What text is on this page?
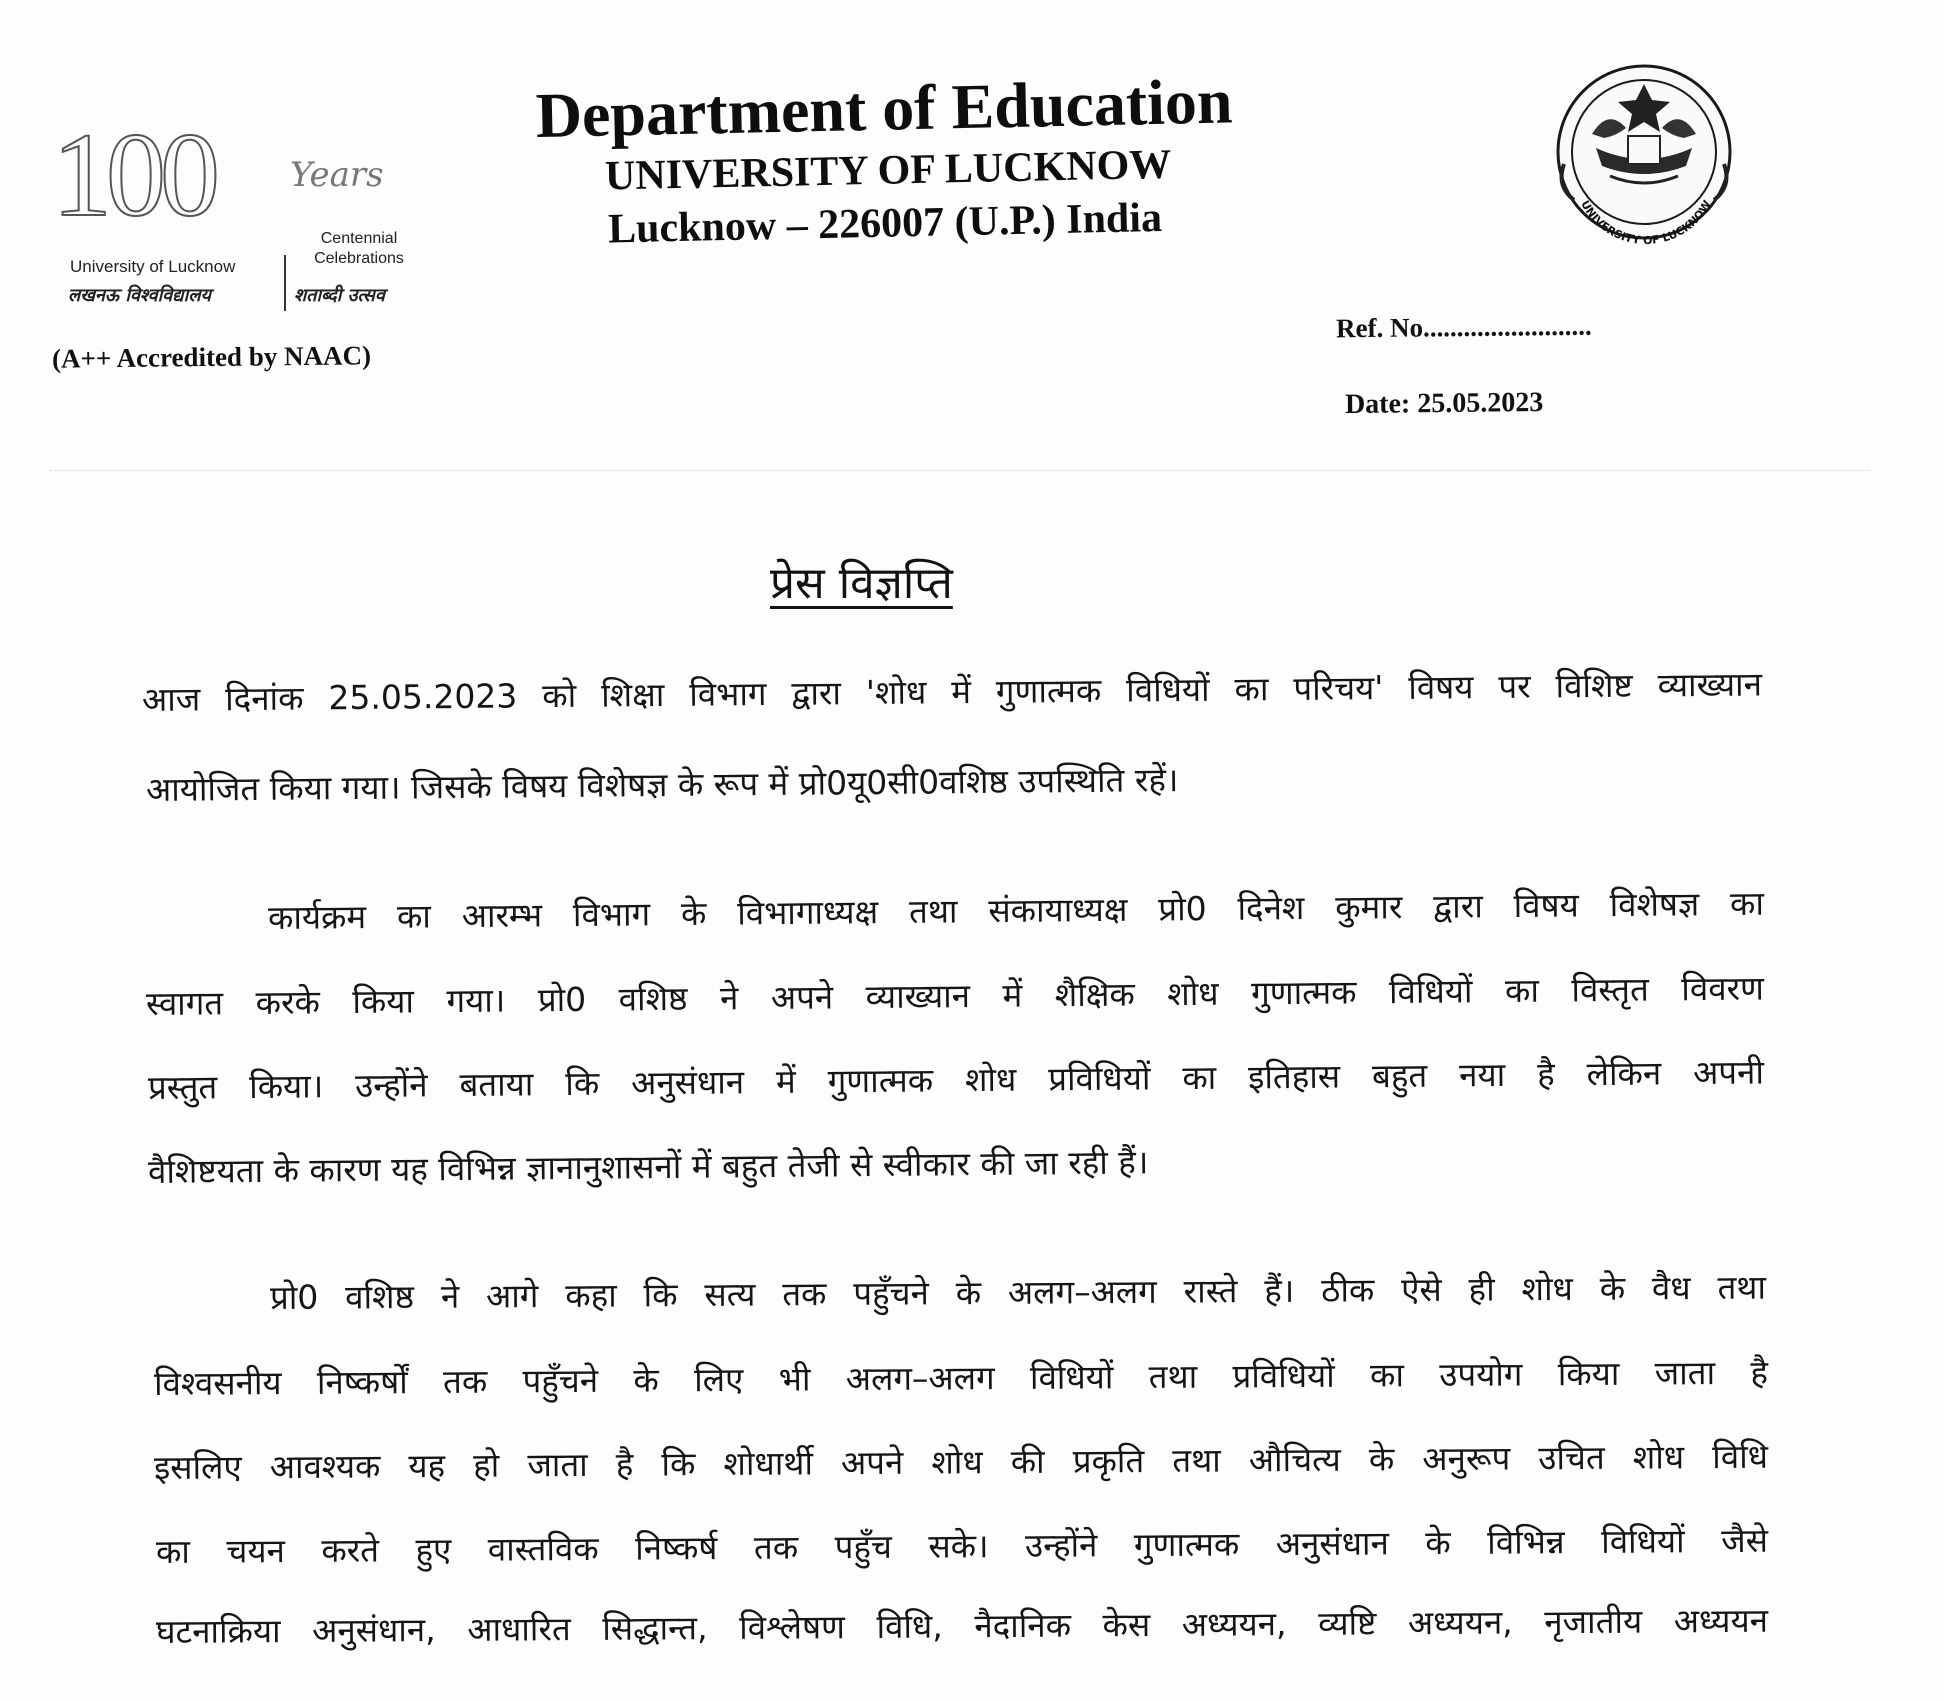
100 Years
Centennial Celebrations
University of Lucknow
लखनऊ विश्वविद्यालय	शताब्दी उत्सव
(A++ Accredited by NAAC)
Department of Education
UNIVERSITY OF LUCKNOW
Lucknow – 226007 (U.P.) India	UNIVERSITY OF LUCKNOW
Ref. No.........................
Date: 25.05.2023
प्रेस विज्ञप्ति
आज दिनांक 25.05.2023 को शिक्षा विभाग द्वारा 'शोध में गुणात्मक विधियों का परिचय' विषय पर विशिष्ट व्याख्यान
आयोजित किया गया। जिसके विषय विशेषज्ञ के रूप में प्रो0यू0सी0वशिष्ठ उपस्थिति रहें।
कार्यक्रम का आरम्भ विभाग के विभागाध्यक्ष तथा संकायाध्यक्ष प्रो0 दिनेश कुमार द्वारा विषय विशेषज्ञ का
स्वागत करके किया गया। प्रो0 वशिष्ठ ने अपने व्याख्यान में शैक्षिक शोध गुणात्मक विधियों का विस्तृत विवरण
प्रस्तुत किया। उन्होंने बताया कि अनुसंधान में गुणात्मक शोध प्रविधियों का इतिहास बहुत नया है लेकिन अपनी
वैशिष्टयता के कारण यह विभिन्न ज्ञानानुशासनों में बहुत तेजी से स्वीकार की जा रही हैं।
प्रो0 वशिष्ठ ने आगे कहा कि सत्य तक पहुँचने के अलग–अलग रास्ते हैं। ठीक ऐसे ही शोध के वैध तथा
विश्वसनीय निष्कर्षों तक पहुँचने के लिए भी अलग–अलग विधियों तथा प्रविधियों का उपयोग किया जाता है
इसलिए आवश्यक यह हो जाता है कि शोधार्थी अपने शोध की प्रकृति तथा औचित्य के अनुरूप उचित शोध विधि
का चयन करते हुए वास्तविक निष्कर्ष तक पहुँच सके। उन्होंने गुणात्मक अनुसंधान के विभिन्न विधियों जैसे
घटनाक्रिया अनुसंधान, आधारित सिद्धान्त, विश्लेषण विधि, नैदानिक केस अध्ययन, व्यष्टि अध्ययन, नृजातीय अध्ययन
